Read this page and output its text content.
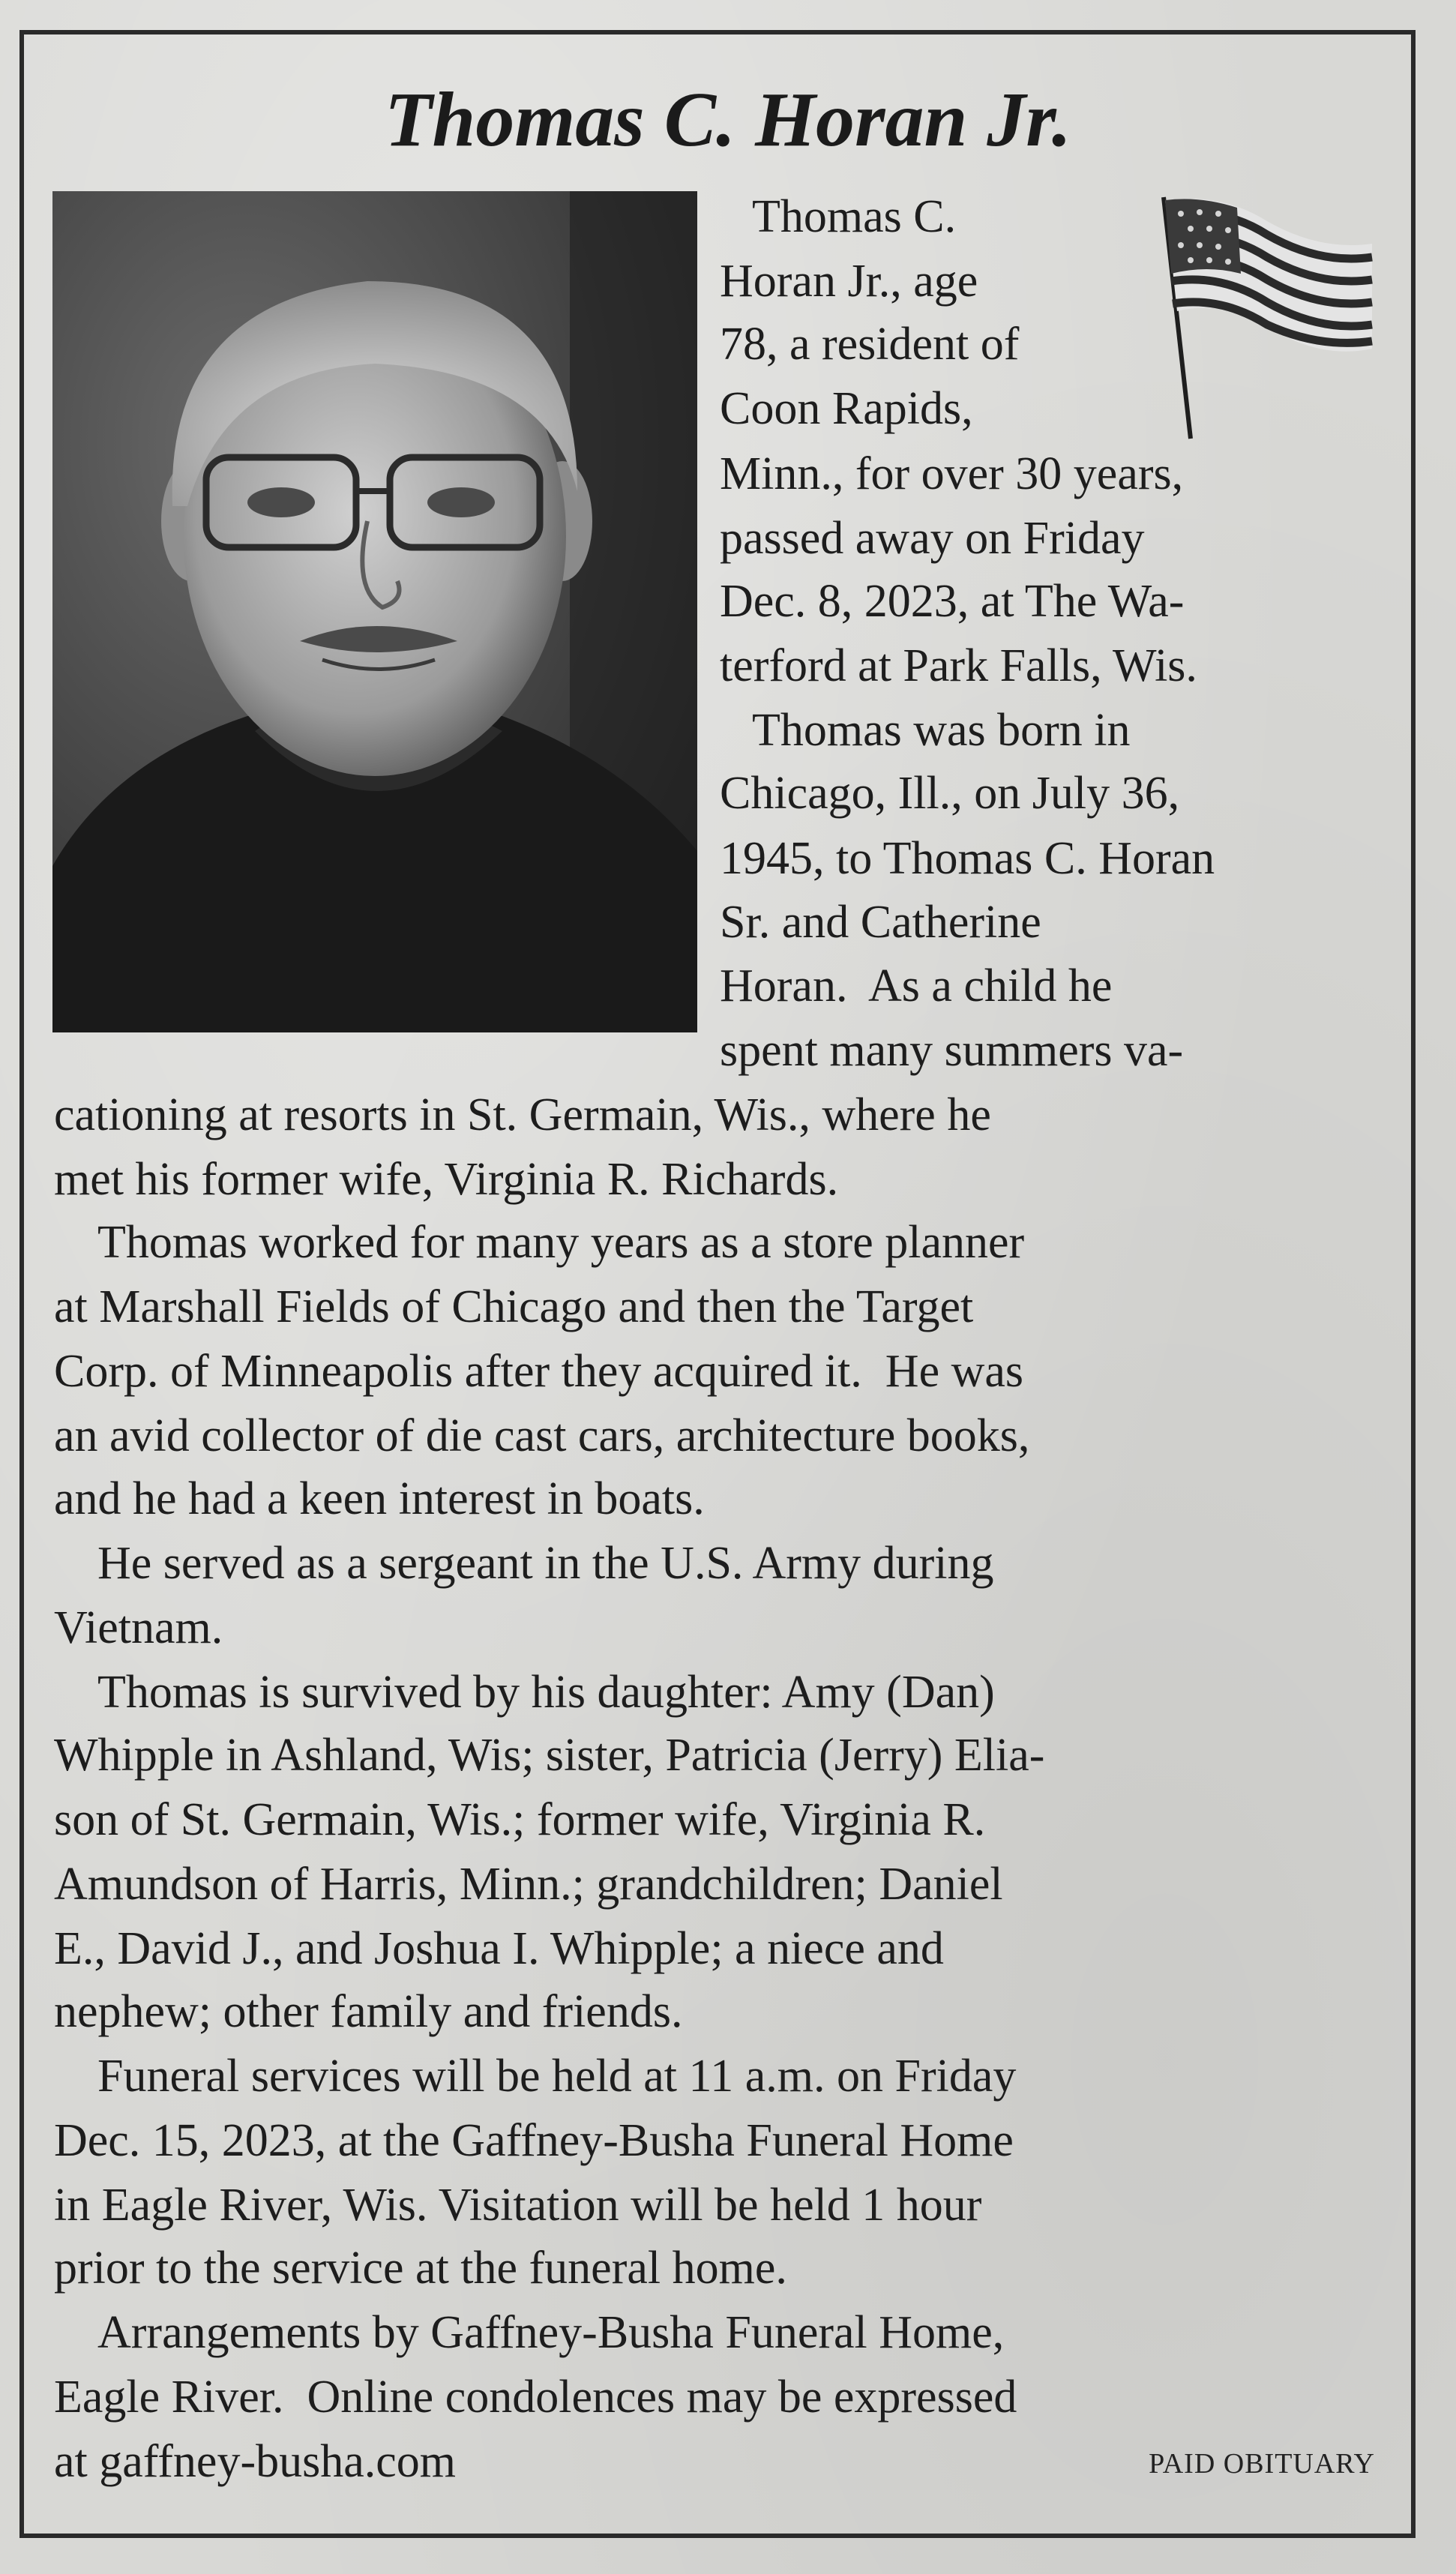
Thomas C. Horan Jr.

Thomas C.

Horan Jr., age

78, a resident of

Coon Rapids,

Minn., for over 30 years,

passed away on Friday

Dec. 8, 2023, at The Wa-

terford at Park Falls, Wis.

Thomas was born in

Chicago, Ill., on July 36,

1945, to Thomas C. Horan

Sr. and Catherine

Horan.  As a child he

spent many summers va-

cationing at resorts in St. Germain, Wis., where he

met his former wife, Virginia R. Richards.

Thomas worked for many years as a store planner

at Marshall Fields of Chicago and then the Target

Corp. of Minneapolis after they acquired it.  He was

an avid collector of die cast cars, architecture books,

and he had a keen interest in boats.

He served as a sergeant in the U.S. Army during

Vietnam.

Thomas is survived by his daughter: Amy (Dan)

Whipple in Ashland, Wis; sister, Patricia (Jerry) Elia-

son of St. Germain, Wis.; former wife, Virginia R.

Amundson of Harris, Minn.; grandchildren; Daniel

E., David J., and Joshua I. Whipple; a niece and

nephew; other family and friends.

Funeral services will be held at 11 a.m. on Friday

Dec. 15, 2023, at the Gaffney-Busha Funeral Home

in Eagle River, Wis. Visitation will be held 1 hour

prior to the service at the funeral home.

Arrangements by Gaffney-Busha Funeral Home,

Eagle River.  Online condolences may be expressed

at gaffney-busha.com	PAID OBITUARY
